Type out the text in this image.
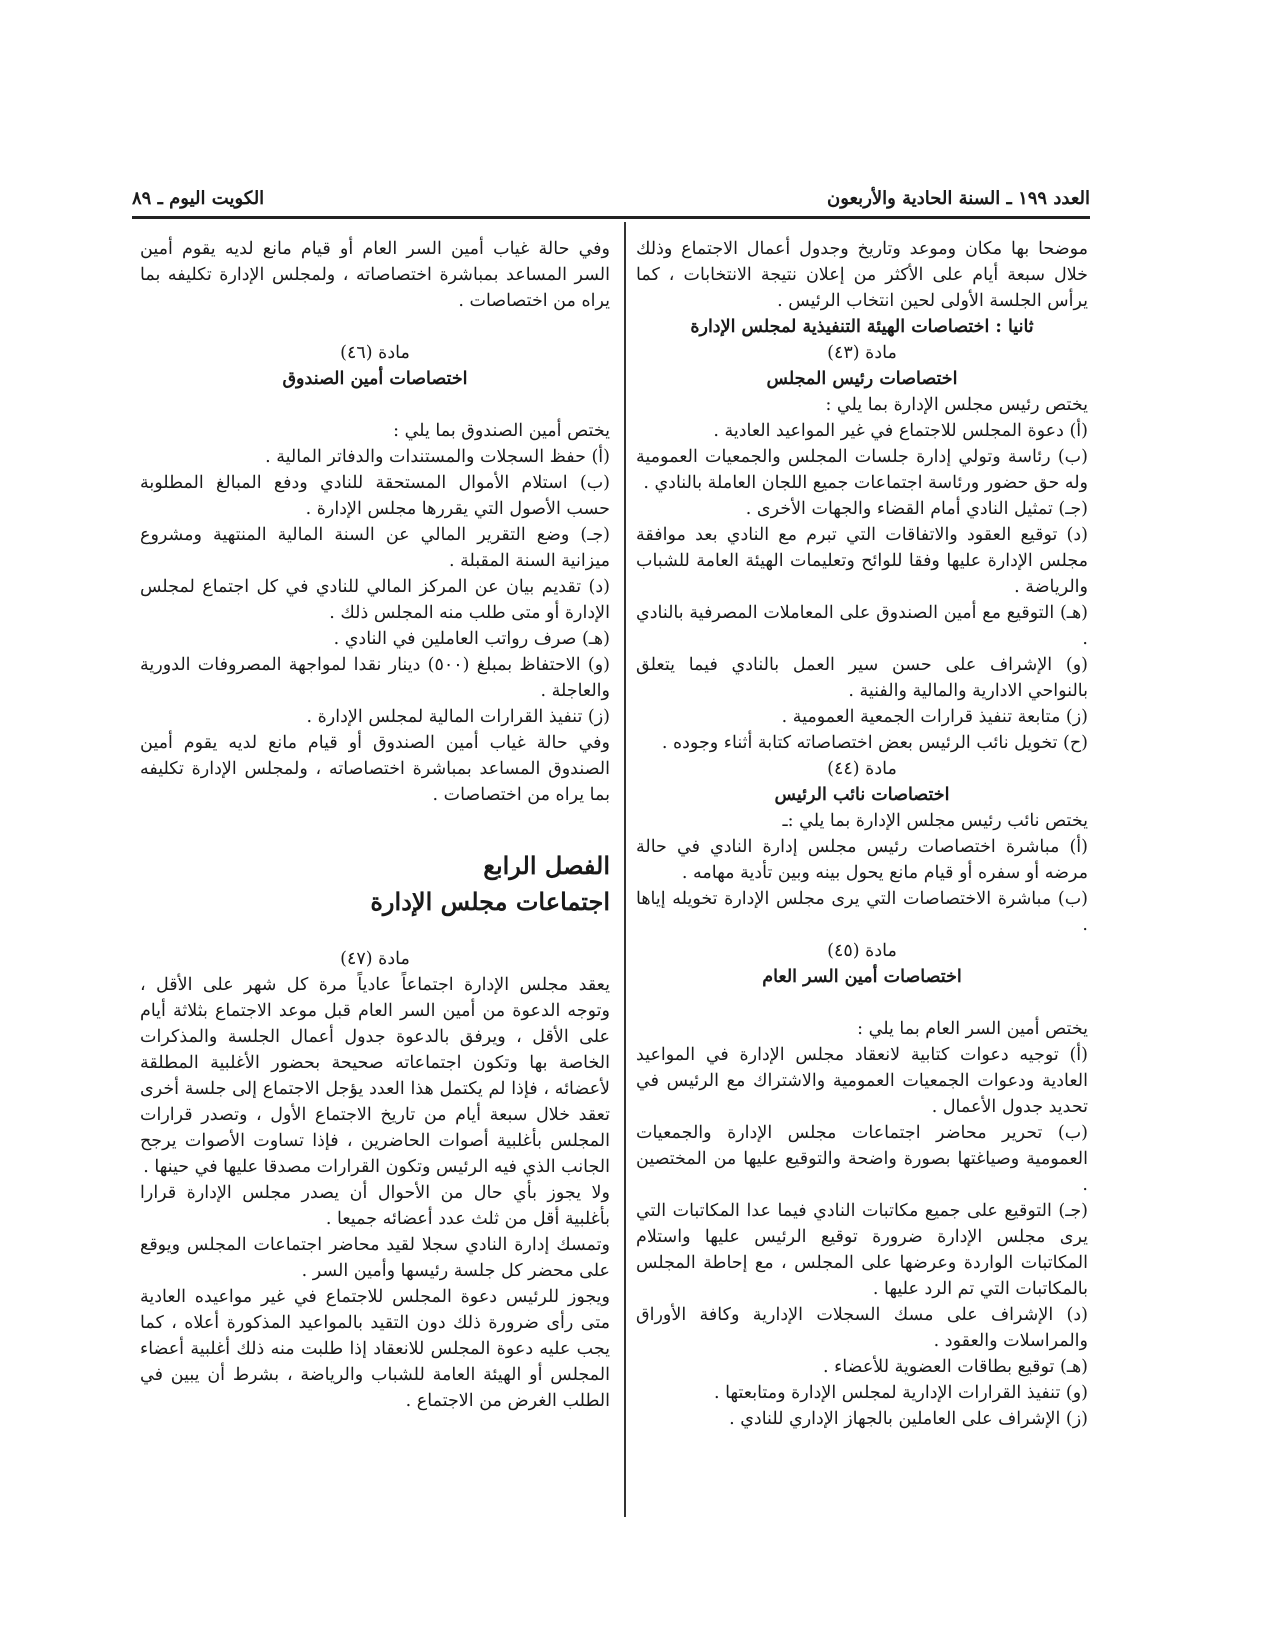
العدد ١٩٩ ـ السنة الحادية والأربعون
الكويت اليوم ـ ٨٩

موضحا بها مكان وموعد وتاريخ وجدول أعمال الاجتماع وذلك خلال سبعة أيام على الأكثر من إعلان نتيجة الانتخابات ، كما يرأس الجلسة الأولى لحين انتخاب الرئيس .

ثانيا : اختصاصات الهيئة التنفيذية لمجلس الإدارة

مادة (٤٣)

اختصاصات رئيس المجلس

يختص رئيس مجلس الإدارة بما يلي :

(أ) دعوة المجلس للاجتماع في غير المواعيد العادية .

(ب) رئاسة وتولي إدارة جلسات المجلس والجمعيات العمومية وله حق حضور ورئاسة اجتماعات جميع اللجان العاملة بالنادي .

(جـ) تمثيل النادي أمام القضاء والجهات الأخرى .

(د) توقيع العقود والاتفاقات التي تبرم مع النادي بعد موافقة مجلس الإدارة عليها وفقا للوائح وتعليمات الهيئة العامة للشباب والرياضة .

(هـ) التوقيع مع أمين الصندوق على المعاملات المصرفية بالنادي .

(و) الإشراف على حسن سير العمل بالنادي فيما يتعلق بالنواحي الادارية والمالية والفنية .

(ز) متابعة تنفيذ قرارات الجمعية العمومية .

(ح) تخويل نائب الرئيس بعض اختصاصاته كتابة أثناء وجوده .

مادة (٤٤)

اختصاصات نائب الرئيس

يختص نائب رئيس مجلس الإدارة بما يلي :ـ

(أ) مباشرة اختصاصات رئيس مجلس إدارة النادي في حالة مرضه أو سفره أو قيام مانع يحول بينه وبين تأدية مهامه .

(ب) مباشرة الاختصاصات التي يرى مجلس الإدارة تخويله إياها .

مادة (٤٥)

اختصاصات أمين السر العام

يختص أمين السر العام بما يلي :

(أ) توجيه دعوات كتابية لانعقاد مجلس الإدارة في المواعيد العادية ودعوات الجمعيات العمومية والاشتراك مع الرئيس في تحديد جدول الأعمال .

(ب) تحرير محاضر اجتماعات مجلس الإدارة والجمعيات العمومية وصياغتها بصورة واضحة والتوقيع عليها من المختصين .

(جـ) التوقيع على جميع مكاتبات النادي فيما عدا المكاتبات التي يرى مجلس الإدارة ضرورة توقيع الرئيس عليها واستلام المكاتبات الواردة وعرضها على المجلس ، مع إحاطة المجلس بالمكاتبات التي تم الرد عليها .

(د) الإشراف على مسك السجلات الإدارية وكافة الأوراق والمراسلات والعقود .

(هـ) توقيع بطاقات العضوية للأعضاء .

(و) تنفيذ القرارات الإدارية لمجلس الإدارة ومتابعتها .

(ز) الإشراف على العاملين بالجهاز الإداري للنادي .

وفي حالة غياب أمين السر العام أو قيام مانع لديه يقوم أمين السر المساعد بمباشرة اختصاصاته ، ولمجلس الإدارة تكليفه بما يراه من اختصاصات .

مادة (٤٦)

اختصاصات أمين الصندوق

يختص أمين الصندوق بما يلي :

(أ) حفظ السجلات والمستندات والدفاتر المالية .

(ب) استلام الأموال المستحقة للنادي ودفع المبالغ المطلوبة حسب الأصول التي يقررها مجلس الإدارة .

(جـ) وضع التقرير المالي عن السنة المالية المنتهية ومشروع ميزانية السنة المقبلة .

(د) تقديم بيان عن المركز المالي للنادي في كل اجتماع لمجلس الإدارة أو متى طلب منه المجلس ذلك .

(هـ) صرف رواتب العاملين في النادي .

(و) الاحتفاظ بمبلغ (٥٠٠) دينار نقدا لمواجهة المصروفات الدورية والعاجلة .

(ز) تنفيذ القرارات المالية لمجلس الإدارة .

وفي حالة غياب أمين الصندوق أو قيام مانع لديه يقوم أمين الصندوق المساعد بمباشرة اختصاصاته ، ولمجلس الإدارة تكليفه بما يراه من اختصاصات .

الفصل الرابع

اجتماعات مجلس الإدارة

مادة (٤٧)

يعقد مجلس الإدارة اجتماعاً عادياً مرة كل شهر على الأقل ، وتوجه الدعوة من أمين السر العام قبل موعد الاجتماع بثلاثة أيام على الأقل ، ويرفق بالدعوة جدول أعمال الجلسة والمذكرات الخاصة بها وتكون اجتماعاته صحيحة بحضور الأغلبية المطلقة لأعضائه ، فإذا لم يكتمل هذا العدد يؤجل الاجتماع إلى جلسة أخرى تعقد خلال سبعة أيام من تاريخ الاجتماع الأول ، وتصدر قرارات المجلس بأغلبية أصوات الحاضرين ، فإذا تساوت الأصوات يرجح الجانب الذي فيه الرئيس وتكون القرارات مصدقا عليها في حينها .

ولا يجوز بأي حال من الأحوال أن يصدر مجلس الإدارة قرارا بأغلبية أقل من ثلث عدد أعضائه جميعا .

وتمسك إدارة النادي سجلا لقيد محاضر اجتماعات المجلس ويوقع على محضر كل جلسة رئيسها وأمين السر .

ويجوز للرئيس دعوة المجلس للاجتماع في غير مواعيده العادية متى رأى ضرورة ذلك دون التقيد بالمواعيد المذكورة أعلاه ، كما يجب عليه دعوة المجلس للانعقاد إذا طلبت منه ذلك أغلبية أعضاء المجلس أو الهيئة العامة للشباب والرياضة ، بشرط أن يبين في الطلب الغرض من الاجتماع .
